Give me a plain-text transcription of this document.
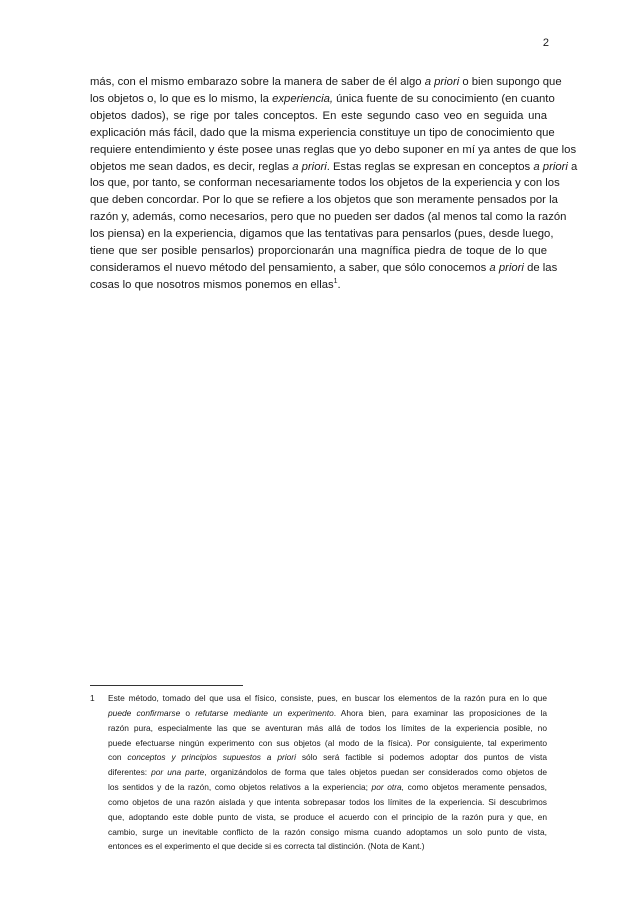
2
más, con el mismo embarazo sobre la manera de saber de él algo a priori o bien supongo que
los objetos o, lo que es lo mismo, la experiencia, única fuente de su conocimiento (en cuanto
objetos dados), se rige por tales conceptos. En este segundo caso veo en seguida una
explicación más fácil, dado que la misma experiencia constituye un tipo de conocimiento que
requiere entendimiento y éste posee unas reglas que yo debo suponer en mí ya antes de que los
objetos me sean dados, es decir, reglas a priori. Estas reglas se expresan en conceptos a priori a
los que, por tanto, se conforman necesariamente todos los objetos de la experiencia y con los
que deben concordar. Por lo que se refiere a los objetos que son meramente pensados por la
razón y, además, como necesarios, pero que no pueden ser dados (al menos tal como la razón
los piensa) en la experiencia, digamos que las tentativas para pensarlos (pues, desde luego,
tiene que ser posible pensarlos) proporcionarán una magnífica piedra de toque de lo que
consideramos el nuevo método del pensamiento, a saber, que sólo conocemos a priori de las
cosas lo que nosotros mismos ponemos en ellas$^1$.
1 Este método, tomado del que usa el físico, consiste, pues, en buscar los elementos de la razón pura en lo que
puede confirmarse o refutarse mediante un experimento. Ahora bien, para examinar las proposiciones de la
razón pura, especialmente las que se aventuran más allá de todos los límites de la experiencia posible, no
puede efectuarse ningún experimento con sus objetos (al modo de la física). Por consiguiente, tal experimento
con conceptos y principios supuestos a priori sólo será factible si podemos adoptar dos puntos de vista
diferentes: por una parte, organizándolos de forma que tales objetos puedan ser considerados como objetos de
los sentidos y de la razón, como objetos relativos a la experiencia; por otra, como objetos meramente pensados,
como objetos de una razón aislada y que intenta sobrepasar todos los límites de la experiencia. Si descubrimos
que, adoptando este doble punto de vista, se produce el acuerdo con el principio de la razón pura y que, en
cambio, surge un inevitable conflicto de la razón consigo misma cuando adoptamos un solo punto de vista,
entonces es el experimento el que decide si es correcta tal distinción. (Nota de Kant.)
